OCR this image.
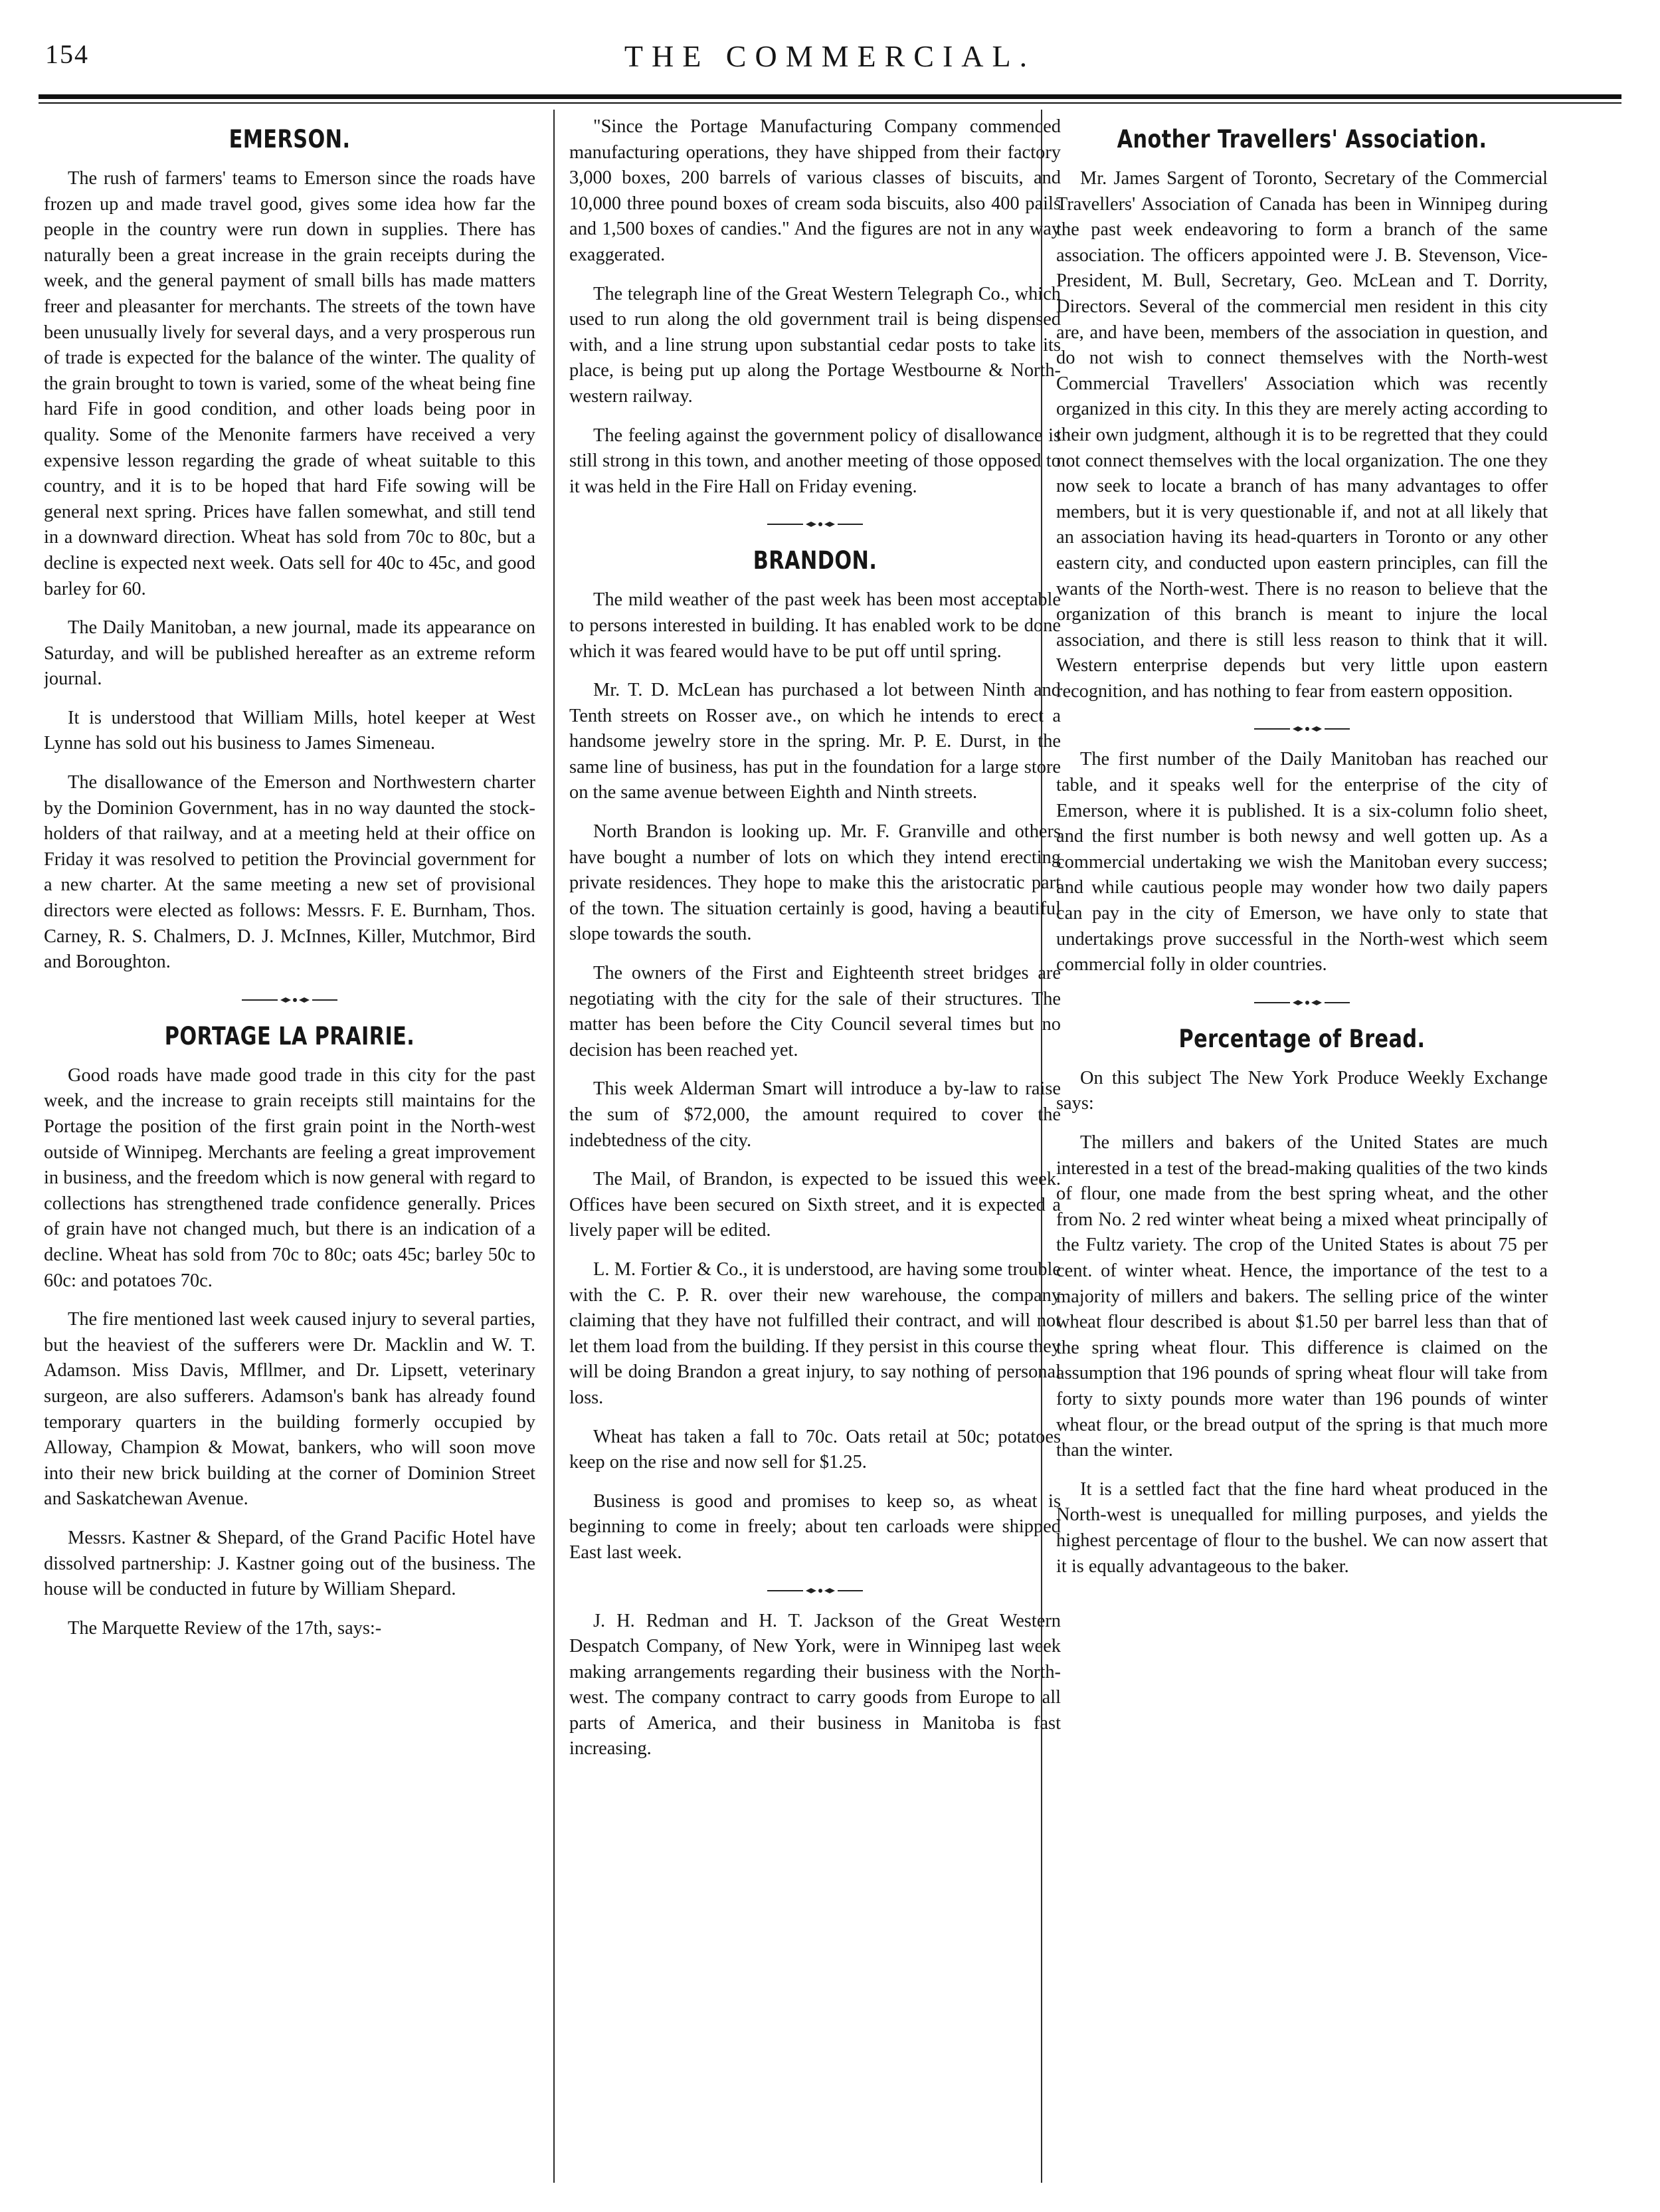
154	THE COMMERCIAL.
EMERSON.

The rush of farmers' teams to Emerson since the roads have frozen up and made travel good, gives some idea how far the people in the country were run down in supplies. There has naturally been a great increase in the grain receipts during the week, and the general payment of small bills has made matters freer and pleasanter for merchants. The streets of the town have been unusually lively for several days, and a very prosperous run of trade is expected for the balance of the winter. The quality of the grain brought to town is varied, some of the wheat being fine hard Fife in good condition, and other loads being poor in quality. Some of the Menonite farmers have received a very expensive lesson regarding the grade of wheat suitable to this country, and it is to be hoped that hard Fife sowing will be general next spring. Prices have fallen somewhat, and still tend in a downward direction. Wheat has sold from 70c to 80c, but a decline is expected next week. Oats sell for 40c to 45c, and good barley for 60.

The Daily Manitoban, a new journal, made its appearance on Saturday, and will be published hereafter as an extreme reform journal.

It is understood that William Mills, hotel keeper at West Lynne has sold out his business to James Simeneau.

The disallowance of the Emerson and Northwestern charter by the Dominion Government, has in no way daunted the stock-holders of that railway, and at a meeting held at their office on Friday it was resolved to petition the Provincial government for a new charter. At the same meeting a new set of provisional directors were elected as follows: Messrs. F. E. Burnham, Thos. Carney, R. S. Chalmers, D. J. McInnes, Killer, Mutchmor, Bird and Boroughton.

PORTAGE LA PRAIRIE.

Good roads have made good trade in this city for the past week, and the increase to grain receipts still maintains for the Portage the position of the first grain point in the North-west outside of Winnipeg. Merchants are feeling a great improvement in business, and the freedom which is now general with regard to collections has strengthened trade confidence generally. Prices of grain have not changed much, but there is an indication of a decline. Wheat has sold from 70c to 80c; oats 45c; barley 50c to 60c: and potatoes 70c.

The fire mentioned last week caused injury to several parties, but the heaviest of the sufferers were Dr. Macklin and W. T. Adamson. Miss Davis, Mfllmer, and Dr. Lipsett, veterinary surgeon, are also sufferers. Adamson's bank has already found temporary quarters in the building formerly occupied by Alloway, Champion & Mowat, bankers, who will soon move into their new brick building at the corner of Dominion Street and Saskatchewan Avenue.

Messrs. Kastner & Shepard, of the Grand Pacific Hotel have dissolved partnership: J. Kastner going out of the business. The house will be conducted in future by William Shepard.

The Marquette Review of the 17th, says:-

"Since the Portage Manufacturing Company commenced manufacturing operations, they have shipped from their factory 3,000 boxes, 200 barrels of various classes of biscuits, and 10,000 three pound boxes of cream soda biscuits, also 400 pails and 1,500 boxes of candies." And the figures are not in any way exaggerated.

The telegraph line of the Great Western Telegraph Co., which used to run along the old government trail is being dispensed with, and a line strung upon substantial cedar posts to take its place, is being put up along the Portage Westbourne & North-western railway.

The feeling against the government policy of disallowance is still strong in this town, and another meeting of those opposed to it was held in the Fire Hall on Friday evening.

BRANDON.

The mild weather of the past week has been most acceptable to persons interested in building. It has enabled work to be done which it was feared would have to be put off until spring.

Mr. T. D. McLean has purchased a lot between Ninth and Tenth streets on Rosser ave., on which he intends to erect a handsome jewelry store in the spring. Mr. P. E. Durst, in the same line of business, has put in the foundation for a large store on the same avenue between Eighth and Ninth streets.

North Brandon is looking up. Mr. F. Granville and others have bought a number of lots on which they intend erecting private residences. They hope to make this the aristocratic part of the town. The situation certainly is good, having a beautiful slope towards the south.

The owners of the First and Eighteenth street bridges are negotiating with the city for the sale of their structures. The matter has been before the City Council several times but no decision has been reached yet.

This week Alderman Smart will introduce a by-law to raise the sum of $72,000, the amount required to cover the indebtedness of the city.

The Mail, of Brandon, is expected to be issued this week. Offices have been secured on Sixth street, and it is expected a lively paper will be edited.

L. M. Fortier & Co., it is understood, are having some trouble with the C. P. R. over their new warehouse, the company claiming that they have not fulfilled their contract, and will not let them load from the building. If they persist in this course they will be doing Brandon a great injury, to say nothing of personal loss.

Wheat has taken a fall to 70c. Oats retail at 50c; potatoes keep on the rise and now sell for $1.25.

Business is good and promises to keep so, as wheat is beginning to come in freely; about ten carloads were shipped East last week.

J. H. Redman and H. T. Jackson of the Great Western Despatch Company, of New York, were in Winnipeg last week making arrangements regarding their business with the North-west. The company contract to carry goods from Europe to all parts of America, and their business in Manitoba is fast increasing.

Another Travellers' Association.

Mr. James Sargent of Toronto, Secretary of the Commercial Travellers' Association of Canada has been in Winnipeg during the past week endeavoring to form a branch of the same association. The officers appointed were J. B. Stevenson, Vice-President, M. Bull, Secretary, Geo. McLean and T. Dorrity, Directors. Several of the commercial men resident in this city are, and have been, members of the association in question, and do not wish to connect themselves with the North-west Commercial Travellers' Association which was recently organized in this city. In this they are merely acting according to their own judgment, although it is to be regretted that they could not connect themselves with the local organization. The one they now seek to locate a branch of has many advantages to offer members, but it is very questionable if, and not at all likely that an association having its head-quarters in Toronto or any other eastern city, and conducted upon eastern principles, can fill the wants of the North-west. There is no reason to believe that the organization of this branch is meant to injure the local association, and there is still less reason to think that it will. Western enterprise depends but very little upon eastern recognition, and has nothing to fear from eastern opposition.

The first number of the Daily Manitoban has reached our table, and it speaks well for the enterprise of the city of Emerson, where it is published. It is a six-column folio sheet, and the first number is both newsy and well gotten up. As a commercial undertaking we wish the Manitoban every success; and while cautious people may wonder how two daily papers can pay in the city of Emerson, we have only to state that undertakings prove successful in the North-west which seem commercial folly in older countries.

Percentage of Bread.

On this subject The New York Produce Weekly Exchange says:

The millers and bakers of the United States are much interested in a test of the bread-making qualities of the two kinds of flour, one made from the best spring wheat, and the other from No. 2 red winter wheat being a mixed wheat principally of the Fultz variety. The crop of the United States is about 75 per cent. of winter wheat. Hence, the importance of the test to a majority of millers and bakers. The selling price of the winter wheat flour described is about $1.50 per barrel less than that of the spring wheat flour. This difference is claimed on the assumption that 196 pounds of spring wheat flour will take from forty to sixty pounds more water than 196 pounds of winter wheat flour, or the bread output of the spring is that much more than the winter.

It is a settled fact that the fine hard wheat produced in the North-west is unequalled for milling purposes, and yields the highest percentage of flour to the bushel. We can now assert that it is equally advantageous to the baker.
